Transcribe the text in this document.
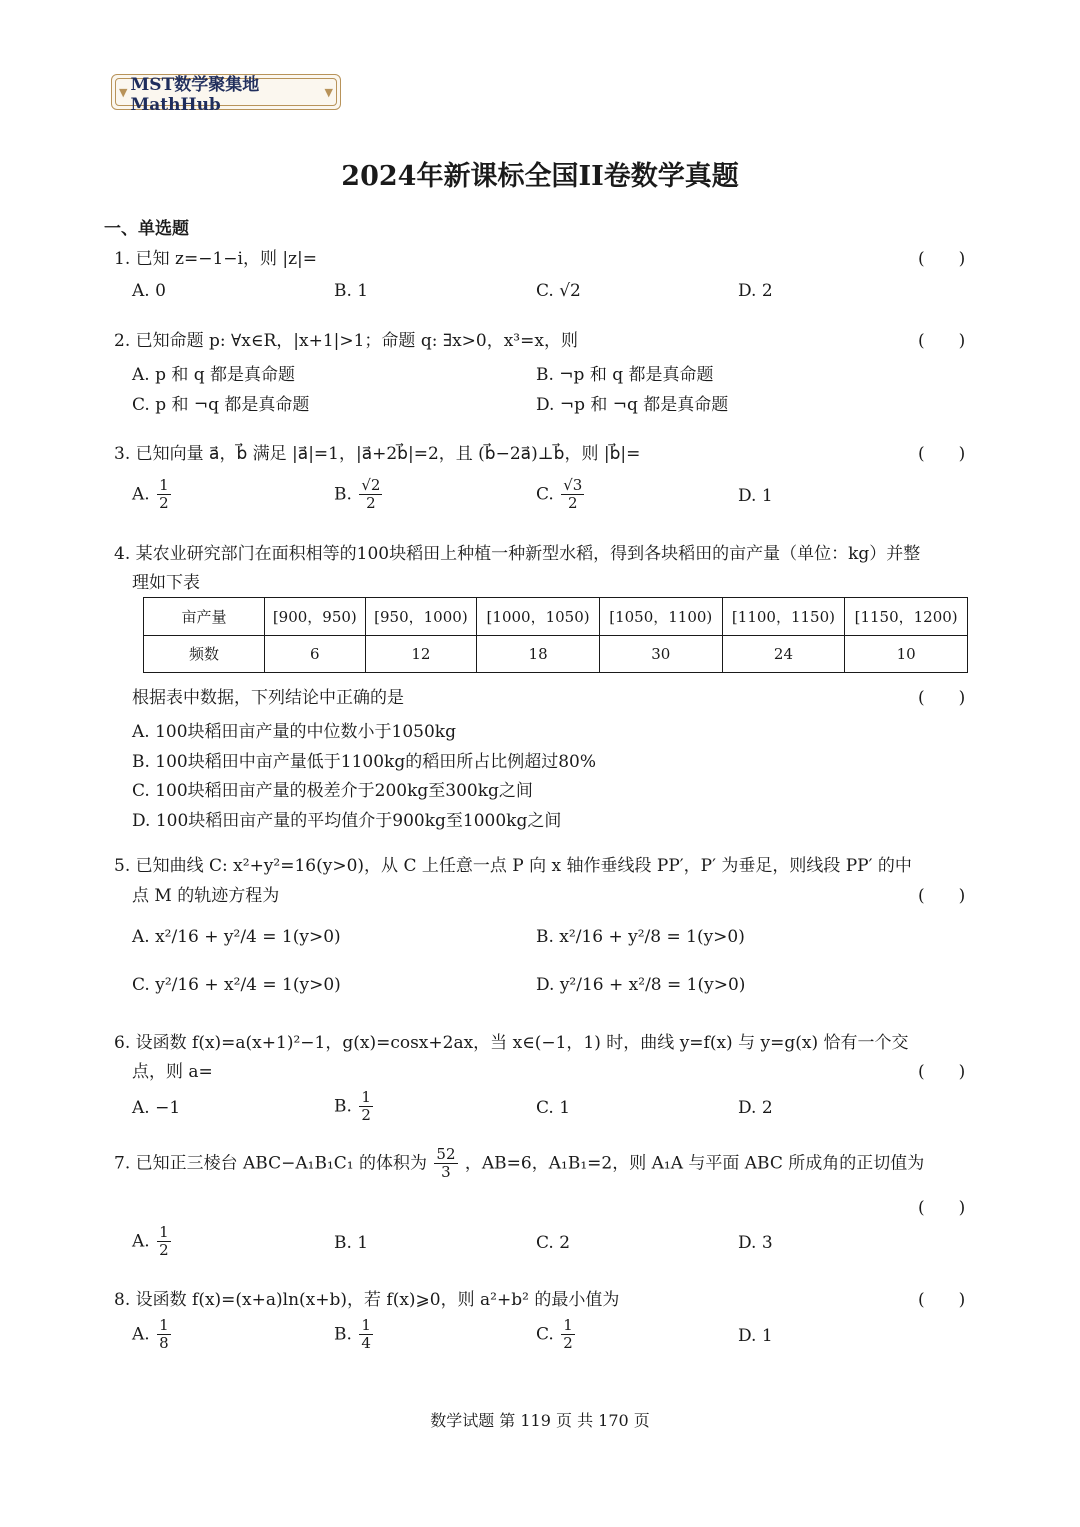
▼ MST数学聚集地MathHub
▼
2024年新课标全国II卷数学真题
一、单选题
1. 已知 z=−1−i，则 |z|=	(　　)
A. 0	B. 1	C. √2	D. 2
2. 已知命题 p: ∀x∈R，|x+1|>1；命题 q: ∃x>0，x³=x，则	(　　)
A. p 和 q 都是真命题	B. ¬p 和 q 都是真命题
C. p 和 ¬q 都是真命题	D. ¬p 和 ¬q 都是真命题
3. 已知向量 a⃗，b⃗ 满足 |a⃗|=1，|a⃗+2b⃗|=2，且 (b⃗−2a⃗)⊥b⃗，则 |b⃗|=	(　　)
A. $\frac{1}{2}$	B. $\frac{√2}{2}$	C. $\frac{√3}{2}$	D. 1
4. 某农业研究部门在面积相等的100块稻田上种植一种新型水稻，得到各块稻田的亩产量（单位：kg）并整
理如下表
亩产量	[900，950)	[950，1000)	[1000，1050)	[1050，1100)	[1100，1150)	[1150，1200)
频数	6	12	18	30	24	10
根据表中数据，下列结论中正确的是	(　　)
A. 100块稻田亩产量的中位数小于1050kg
B. 100块稻田中亩产量低于1100kg的稻田所占比例超过80%
C. 100块稻田亩产量的极差介于200kg至300kg之间
D. 100块稻田亩产量的平均值介于900kg至1000kg之间
5. 已知曲线 C: x²+y²=16(y>0)，从 C 上任意一点 P 向 x 轴作垂线段 PP′，P′ 为垂足，则线段 PP′ 的中
点 M 的轨迹方程为	(　　)
A. x²/16 + y²/4 = 1(y>0)	B. x²/16 + y²/8 = 1(y>0)
C. y²/16 + x²/4 = 1(y>0)	D. y²/16 + x²/8 = 1(y>0)
6. 设函数 f(x)=a(x+1)²−1，g(x)=cosx+2ax，当 x∈(−1，1) 时，曲线 y=f(x) 与 y=g(x) 恰有一个交
点，则 a=	(　　)
A. −1	B. $\frac{1}{2}$	C. 1	D. 2
7. 已知正三棱台 ABC−A₁B₁C₁ 的体积为 $\frac{52}{3}$ ，AB=6，A₁B₁=2，则 A₁A 与平面 ABC 所成角的正切值为
(　　)
A. $\frac{1}{2}$	B. 1	C. 2	D. 3
8. 设函数 f(x)=(x+a)ln(x+b)，若 f(x)⩾0，则 a²+b² 的最小值为	(　　)
A. $\frac{1}{8}$	B. $\frac{1}{4}$	C. $\frac{1}{2}$	D. 1
数学试题 第 119 页 共 170 页
